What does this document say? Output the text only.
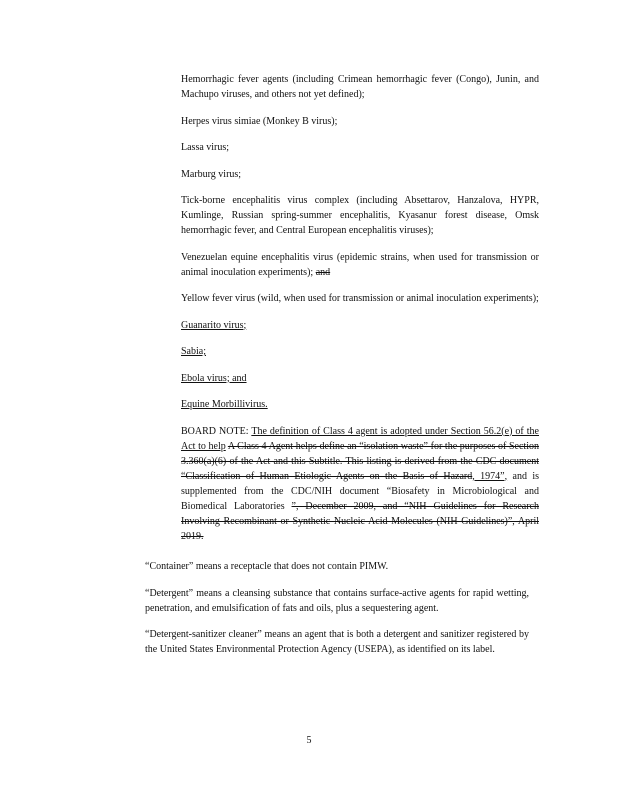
Hemorrhagic fever agents (including Crimean hemorrhagic fever (Congo), Junin, and Machupo viruses, and others not yet defined);

Herpes virus simiae (Monkey B virus);

Lassa virus;

Marburg virus;

Tick-borne encephalitis virus complex (including Absettarov, Hanzalova, HYPR, Kumlinge, Russian spring-summer encephalitis, Kyasanur forest disease, Omsk hemorrhagic fever, and Central European encephalitis viruses);

Venezuelan equine encephalitis virus (epidemic strains, when used for transmission or animal inoculation experiments); and

Yellow fever virus (wild, when used for transmission or animal inoculation experiments);

Guanarito virus;

Sabia;

Ebola virus; and

Equine Morbillivirus.

BOARD NOTE: The definition of Class 4 agent is adopted under Section 56.2(e) of the Act to help A Class 4 Agent helps define an “isolation waste” for the purposes of Section 3.360(a)(6) of the Act and this Subtitle. This listing is derived from the CDC document “Classification of Human Etiologic Agents on the Basis of Hazard, 1974”, and is supplemented from the CDC/NIH document “Biosafety in Microbiological and Biomedical Laboratories ”, December 2009, and “NIH Guidelines for Research Involving Recombinant or Synthetic Nucleic Acid Molecules (NIH Guidelines)”, April 2019.

“Container” means a receptacle that does not contain PIMW.

“Detergent” means a cleansing substance that contains surface-active agents for rapid wetting, penetration, and emulsification of fats and oils, plus a sequestering agent.

“Detergent-sanitizer cleaner” means an agent that is both a detergent and sanitizer registered by the United States Environmental Protection Agency (USEPA), as identified on its label.

5
